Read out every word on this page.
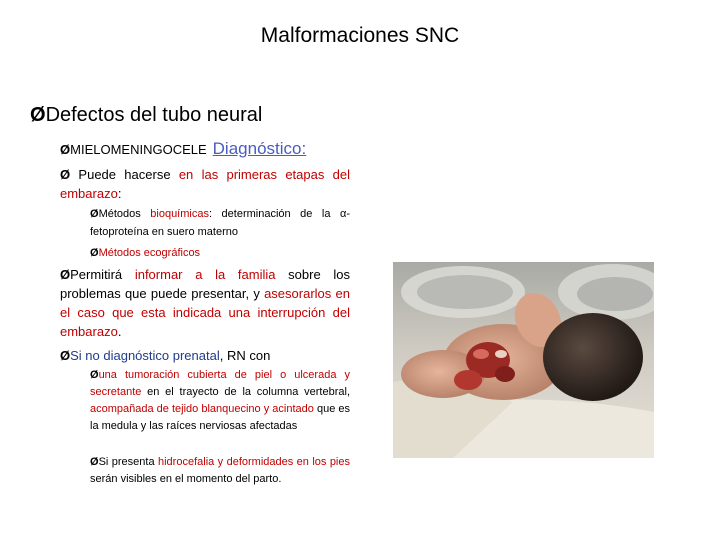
Malformaciones SNC
ØDefectos del tubo neural
ØMIELOMENINGOCELE Diagnóstico:
Ø Puede hacerse en las primeras etapas del embarazo:
ØMétodos bioquímicas: determinación de la α-fetoproteína en suero materno
ØMétodos ecográficos
ØPermitirá informar a la familia sobre los problemas que puede presentar, y asesorarlos en el caso que esta indicada una interrupción del embarazo.
ØSi no diagnóstico prenatal, RN con
Øuna tumoración cubierta de piel o ulcerada y secretante en el trayecto de la columna vertebral, acompañada de tejido blanquecino y acintado que es la medula y las raíces nerviosas afectadas
ØSi presenta hidrocefalia y deformidades en los pies serán visibles en el momento del parto.
